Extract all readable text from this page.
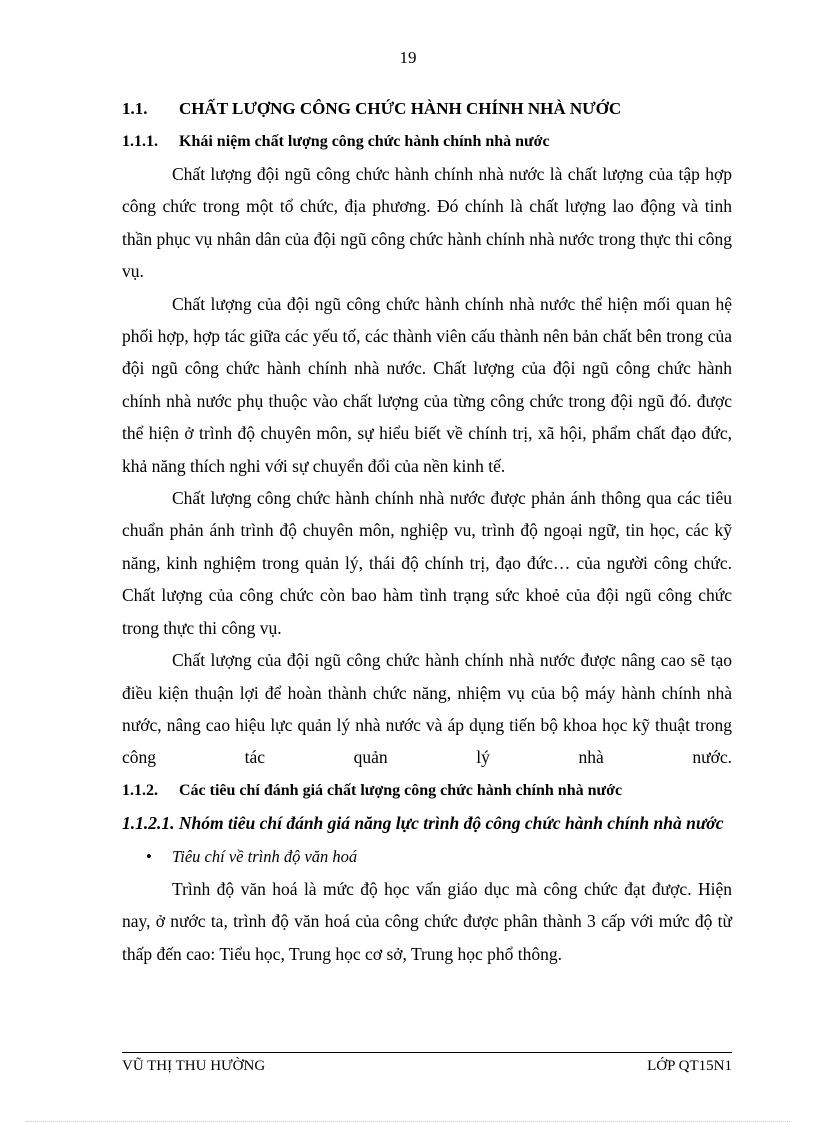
19
1.1. CHẤT LƯỢNG CÔNG CHỨC HÀNH CHÍNH NHÀ NƯỚC
1.1.1. Khái niệm chất lượng công chức hành chính nhà nước

Chất lượng đội ngũ công chức hành chính nhà nước là chất lượng của tập hợp công chức trong một tổ chức, địa phương. Đó chính là chất lượng lao động và tinh thần phục vụ nhân dân của đội ngũ công chức hành chính nhà nước trong thực thi công vụ.

Chất lượng của đội ngũ công chức hành chính nhà nước thể hiện mối quan hệ phối hợp, hợp tác giữa các yếu tố, các thành viên cấu thành nên bản chất bên trong của đội ngũ công chức hành chính nhà nước. Chất lượng của đội ngũ công chức hành chính nhà nước phụ thuộc vào chất lượng của từng công chức trong đội ngũ đó. được thể hiện ở trình độ chuyên môn, sự hiểu biết về chính trị, xã hội, phẩm chất đạo đức, khả năng thích nghi với sự chuyển đổi của nền kinh tế.

Chất lượng công chức hành chính nhà nước được phản ánh thông qua các tiêu chuẩn phản ánh trình độ chuyên môn, nghiệp vu, trình độ ngoại ngữ, tin học, các kỹ năng, kinh nghiệm trong quản lý, thái độ chính trị, đạo đức… của người công chức. Chất lượng của công chức còn bao hàm tình trạng sức khoẻ của đội ngũ công chức trong thực thi công vụ.

Chất lượng của đội ngũ công chức hành chính nhà nước được nâng cao sẽ tạo điều kiện thuận lợi để hoàn thành chức năng, nhiệm vụ của bộ máy hành chính nhà nước, nâng cao hiệu lực quản lý nhà nước và áp dụng tiến bộ khoa học kỹ thuật trong công tác quản lý nhà nước.

1.1.2. Các tiêu chí đánh giá chất lượng công chức hành chính nhà nước
1.1.2.1. Nhóm tiêu chí đánh giá năng lực trình độ công chức hành chính nhà nước
• Tiêu chí về trình độ văn hoá

Trình độ văn hoá là mức độ học vấn giáo dục mà công chức đạt được. Hiện nay, ở nước ta, trình độ văn hoá của công chức được phân thành 3 cấp với mức độ từ thấp đến cao: Tiểu học, Trung học cơ sở, Trung học phổ thông.

VŨ THỊ THU HƯỜNG	LỚP QT15N1
